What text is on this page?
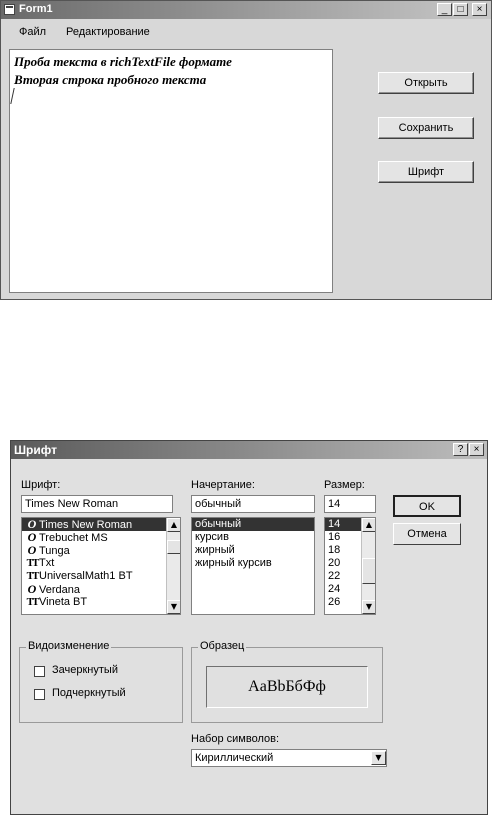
Form1	_	□	×
Файл Редактирование
Проба текста в richTextFile формате
Вторая строка пробного текста	Открыть
Сохранить
Шрифт
Шрифт	?	×
Шрифт:
Times New Roman
O Times New Roman
O Trebuchet MS
O Tunga
TT Txt
TT UniversalMath1 BT
O Verdana
TT Vineta BT
▲
▼
Начертание:
обычный
обычный
курсив
жирный
жирный курсив
Размер:
14
14
16
18
20
22
24
26
▲
▼
OK
Отмена
Видоизменение
Зачеркнутый
Подчеркнутый
Образец
AaBbБбФф
Набор символов:
Кириллический	▼
